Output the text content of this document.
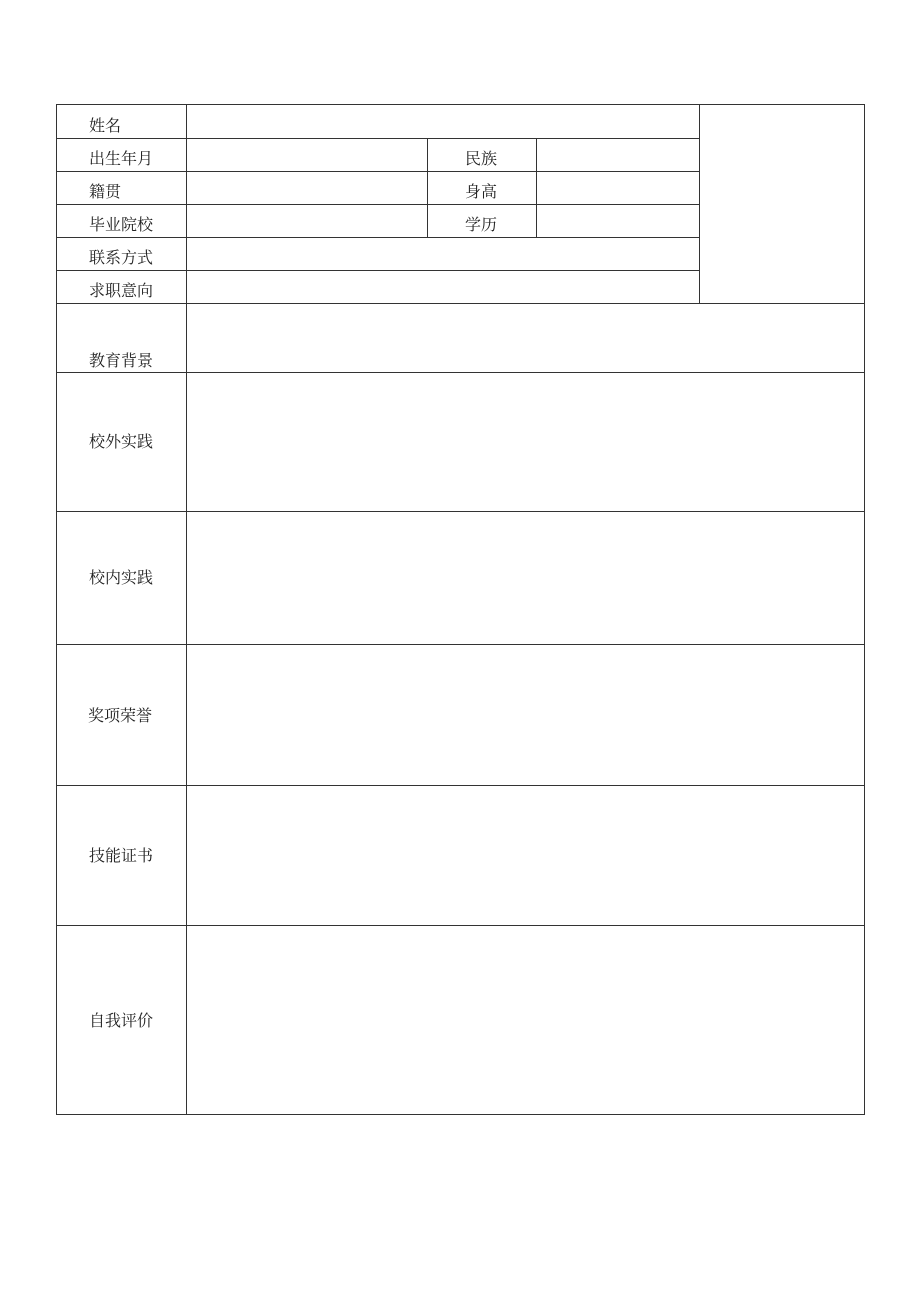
姓名
出生年月	民族
籍贯	身高
毕业院校	学历
联系方式
求职意向
教育背景
校外实践
校内实践
奖项荣誉
技能证书
自我评价
